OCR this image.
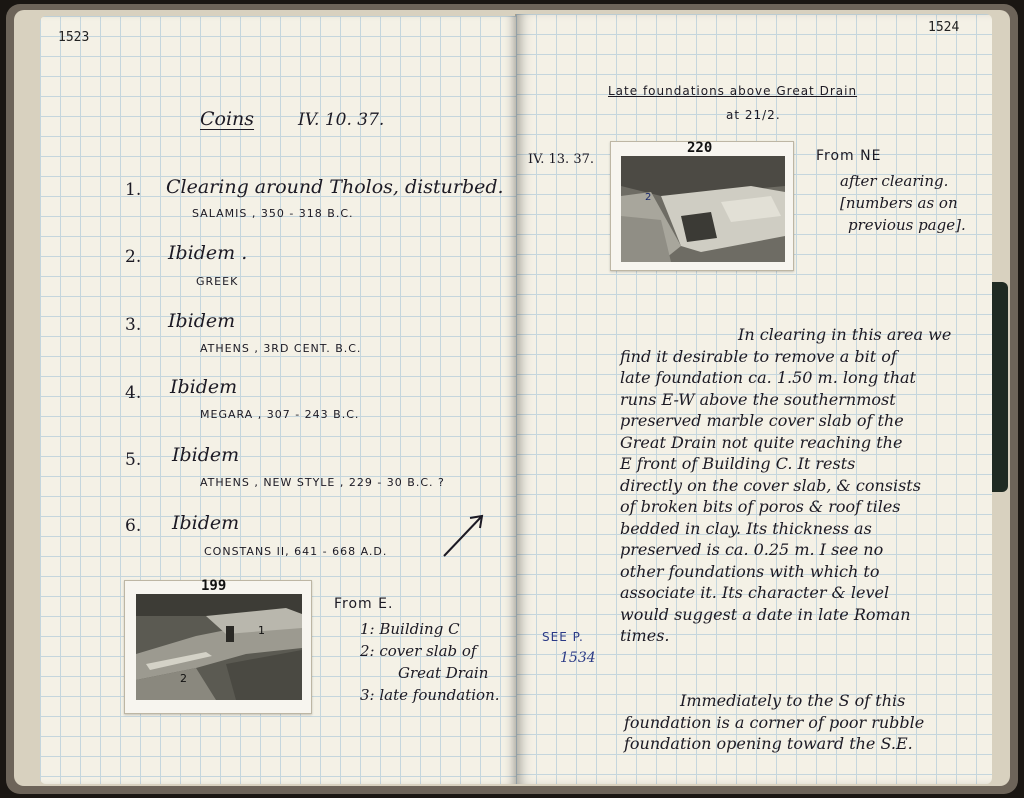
1523
Coins	IV. 10. 37.
1. Clearing around Tholos, disturbed.
SALAMIS , 350 - 318 B.C.
2. Ibidem .
GREEK
3. Ibidem
ATHENS , 3RD CENT. B.C.
4. Ibidem
MEGARA , 307 - 243 B.C.
5. Ibidem
ATHENS , NEW STYLE , 229 - 30 B.C. ?
6. Ibidem
CONSTANS II, 641 - 668 A.D.
199
1
2
From E.
1: Building C
2: cover slab of
Great Drain
3: late foundation.
1524
Late foundations above Great Drain
at 21/2.
IV. 13. 37.
220
2
From NE
after clearing.
[numbers as on
previous page].
SEE P.
1534
In clearing in this area we
find it desirable to remove a bit of
late foundation ca. 1.50 m. long that
runs E-W above the southernmost
preserved marble cover slab of the
Great Drain not quite reaching the
E front of Building C. It rests
directly on the cover slab, & consists
of broken bits of poros & roof tiles
bedded in clay. Its thickness as
preserved is ca. 0.25 m. I see no
other foundations with which to
associate it. Its character & level
would suggest a date in late Roman
times.
Immediately to the S of this
foundation is a corner of poor rubble
foundation opening toward the S.E.
